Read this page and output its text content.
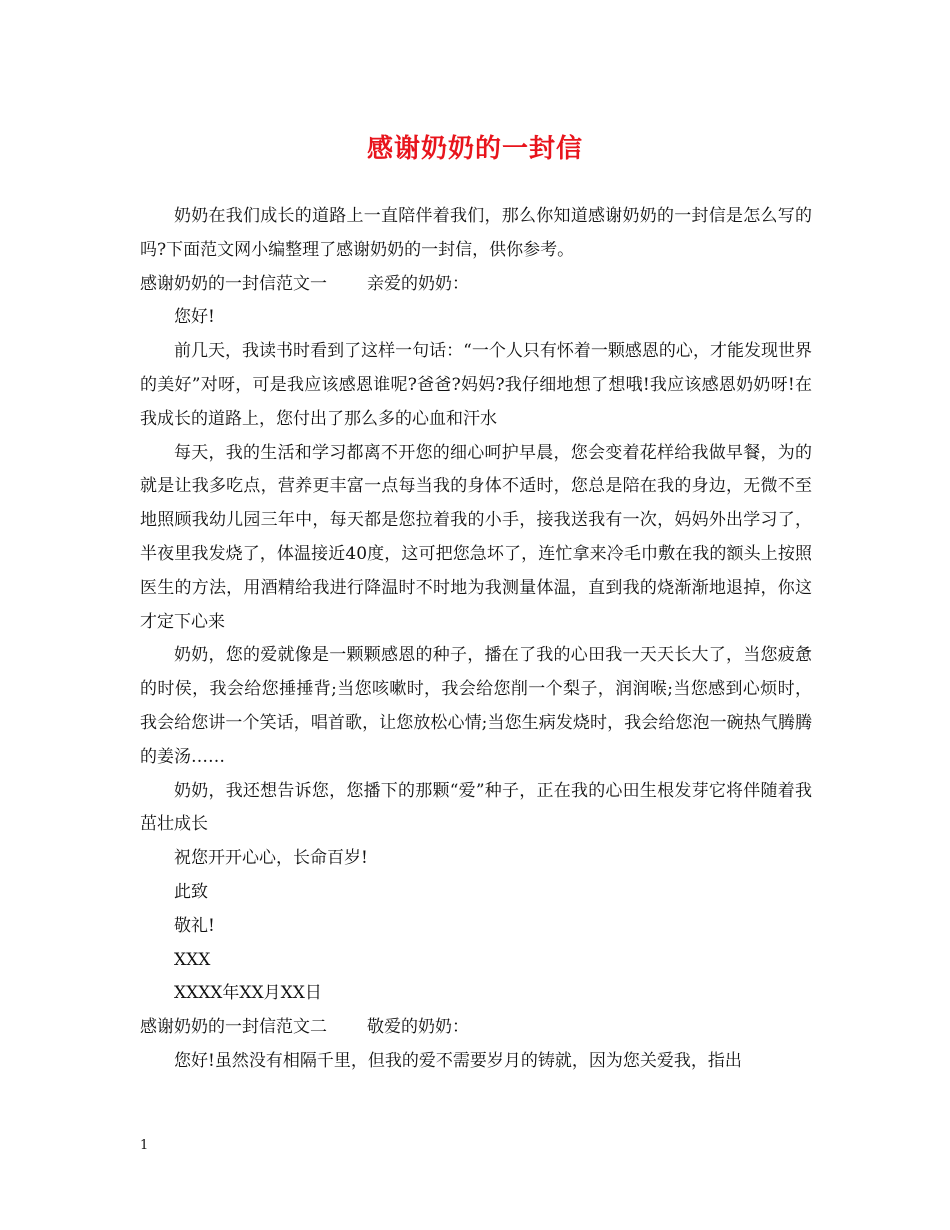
感谢奶奶的一封信

奶奶在我们成长的道路上一直陪伴着我们，那么你知道感谢奶奶的一封信是怎么写的吗?下面范文网小编整理了感谢奶奶的一封信，供你参考。

感谢奶奶的一封信范文一 亲爱的奶奶：

您好!

前几天，我读书时看到了这样一句话：“一个人只有怀着一颗感恩的心，才能发现世界的美好”对呀，可是我应该感恩谁呢?爸爸?妈妈?我仔细地想了想哦!我应该感恩奶奶呀!在我成长的道路上，您付出了那么多的心血和汗水

每天，我的生活和学习都离不开您的细心呵护早晨，您会变着花样给我做早餐，为的就是让我多吃点，营养更丰富一点每当我的身体不适时，您总是陪在我的身边，无微不至地照顾我幼儿园三年中，每天都是您拉着我的小手，接我送我有一次，妈妈外出学习了，半夜里我发烧了，体温接近40度，这可把您急坏了，连忙拿来冷毛巾敷在我的额头上按照医生的方法，用酒精给我进行降温时不时地为我测量体温，直到我的烧渐渐地退掉，你这才定下心来

奶奶，您的爱就像是一颗颗感恩的种子，播在了我的心田我一天天长大了，当您疲惫的时侯，我会给您捶捶背;当您咳嗽时，我会给您削一个梨子，润润喉;当您感到心烦时，我会给您讲一个笑话，唱首歌，让您放松心情;当您生病发烧时，我会给您泡一碗热气腾腾的姜汤……

奶奶，我还想告诉您，您播下的那颗“爱”种子，正在我的心田生根发芽它将伴随着我茁壮成长

祝您开开心心，长命百岁!

此致

敬礼!

XXX

XXXX年XX月XX日

感谢奶奶的一封信范文二 敬爱的奶奶：

您好!虽然没有相隔千里，但我的爱不需要岁月的铸就，因为您关爱我，指出

1
